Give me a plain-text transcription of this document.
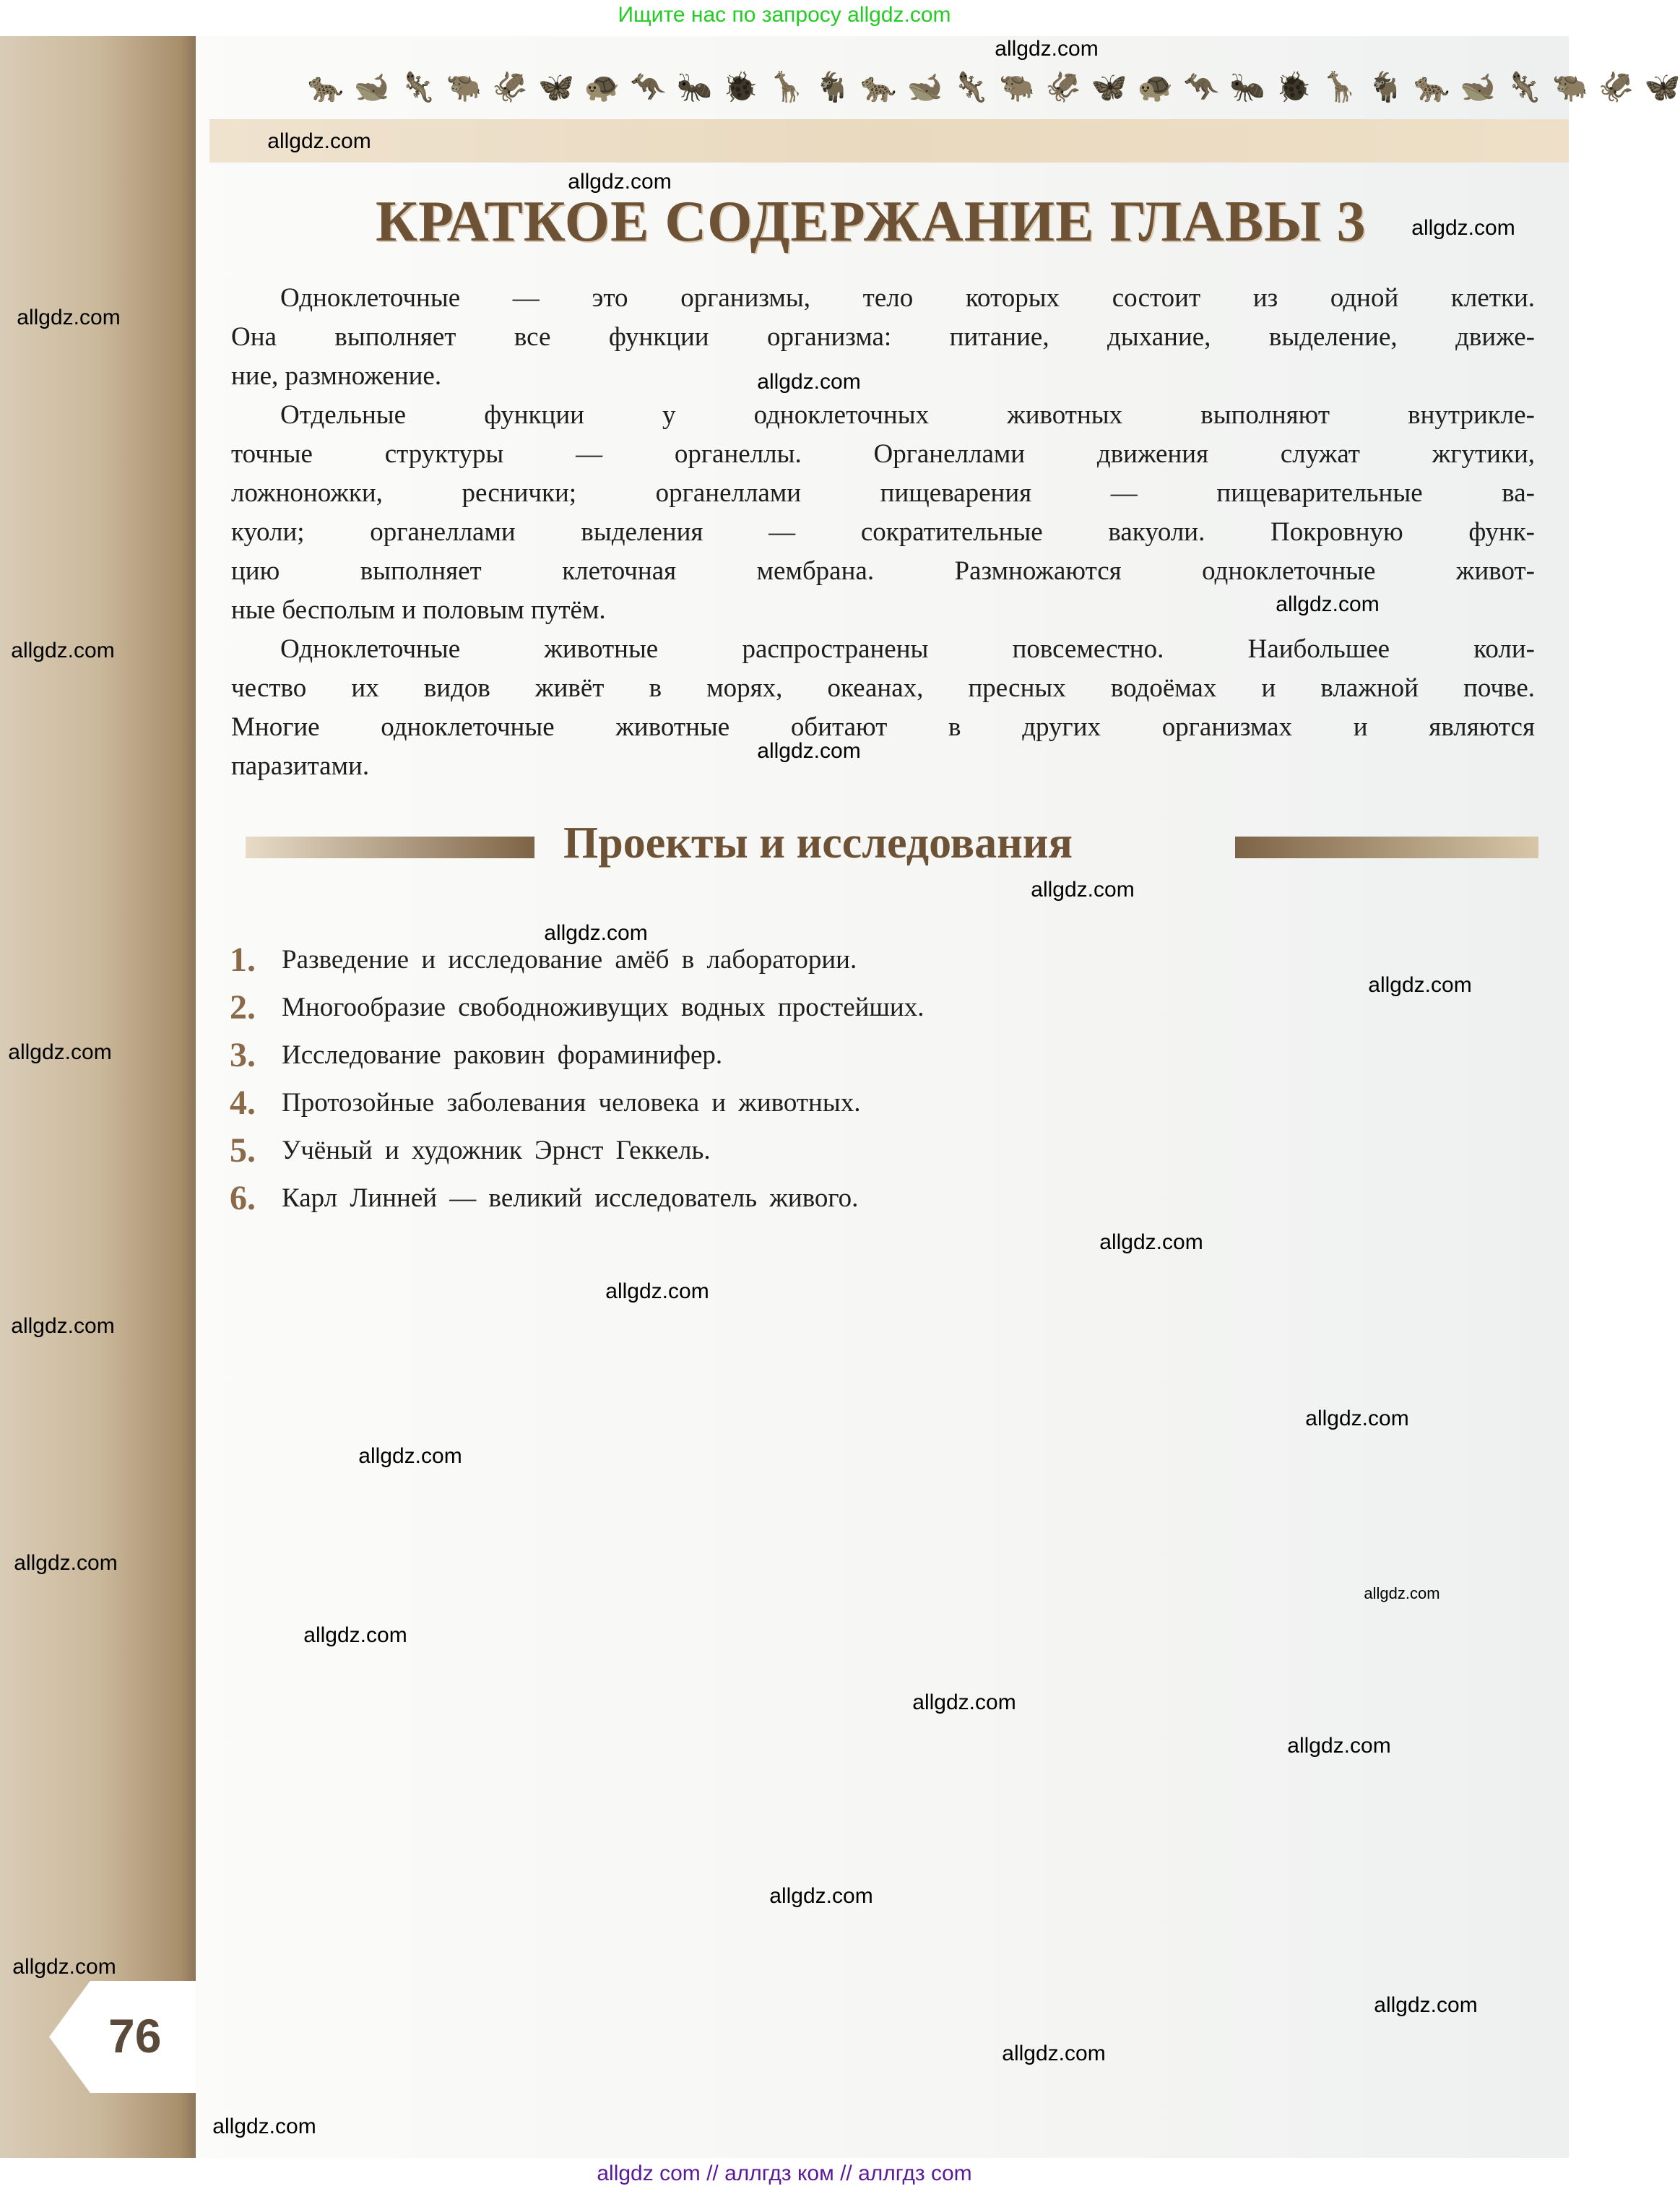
Ищите нас по запросу allgdz.com
76
🐆 🐋 🦎 🐃 🦑 🦋 🐢 🦘 🐜 🐞 🦒 🐐 🐆 🐋 🦎 🐃 🦑 🦋 🐢 🦘 🐜 🐞 🦒 🐐 🐆 🐋 🦎 🐃 🦑 🦋
КРАТКОЕ СОДЕРЖАНИЕ ГЛАВЫ 3
Одноклеточные — это организмы, тело которых состоит из одной клетки.
Она выполняет все функции организма: питание, дыхание, выделение, движе-
ние, размножение.
Отдельные функции у одноклеточных животных выполняют внутрикле-
точные структуры — органеллы. Органеллами движения служат жгутики,
ложноножки, реснички; органеллами пищеварения — пищеварительные ва-
куоли; органеллами выделения — сократительные вакуоли. Покровную функ-
цию выполняет клеточная мембрана. Размножаются одноклеточные живот-
ные бесполым и половым путём.
Одноклеточные животные распространены повсеместно. Наибольшее коли-
чество их видов живёт в морях, океанах, пресных водоёмах и влажной почве.
Многие одноклеточные животные обитают в других организмах и являются
паразитами.
Проекты и исследования
1. Разведение и исследование амёб в лаборатории.
2. Многообразие свободноживущих водных простейших.
3. Исследование раковин фораминифер.
4. Протозойные заболевания человека и животных.
5. Учёный и художник Эрнст Геккель.
6. Карл Линней — великий исследователь живого.
allgdz.com
allgdz.com
allgdz.com
allgdz.com
allgdz.com
allgdz.com
allgdz.com
allgdz.com
allgdz.com
allgdz.com
allgdz.com
allgdz.com
allgdz.com
allgdz.com
allgdz.com
allgdz.com
allgdz.com
allgdz.com
allgdz.com
allgdz.com
allgdz.com
allgdz.com
allgdz.com
allgdz.com
allgdz.com
allgdz.com
allgdz.com
allgdz.com
allgdz com // аллгдз ком // аллгдз com
